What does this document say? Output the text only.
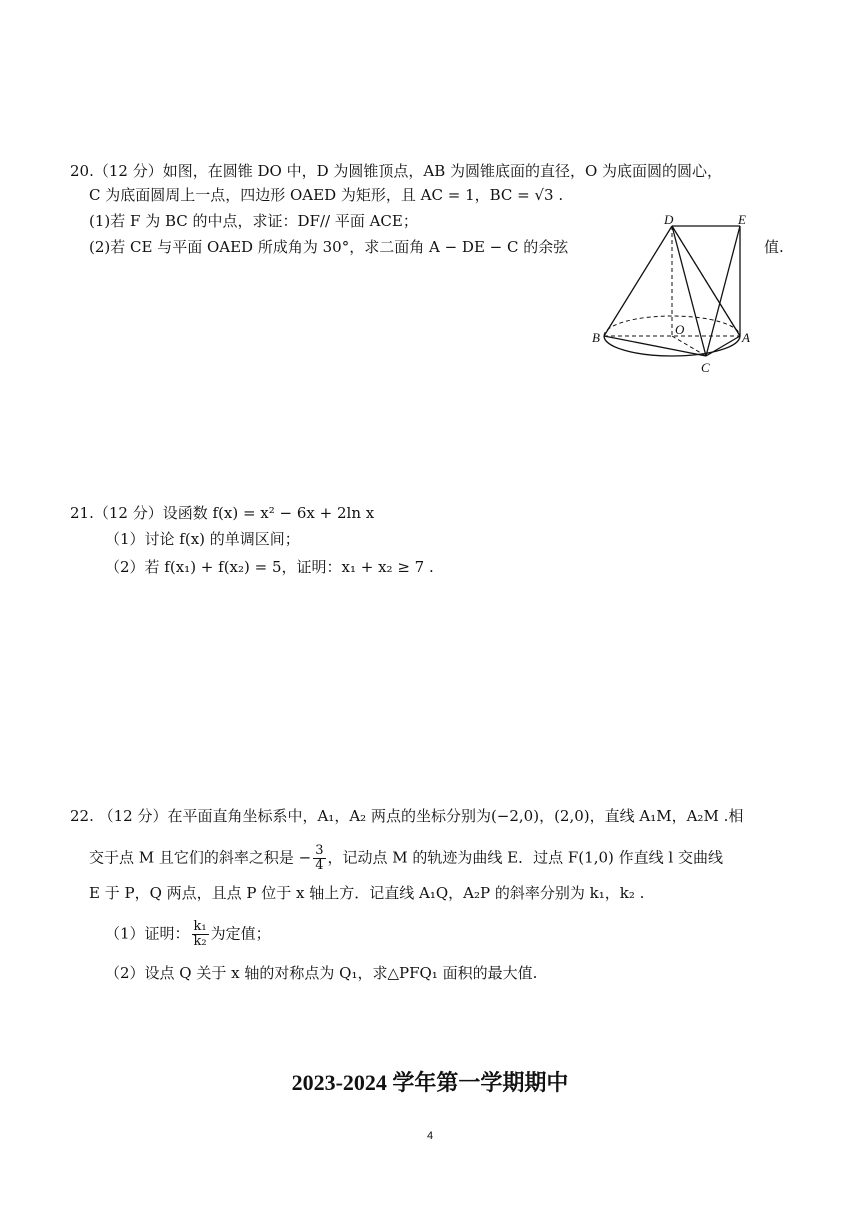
20.（12 分）如图，在圆锥 DO 中，D 为圆锥顶点，AB 为圆锥底面的直径，O 为底面圆的圆心，
C 为底面圆周上一点，四边形 OAED 为矩形，且 AC = 1，BC = √3 .
(1)若 F 为 BC 的中点，求证：DF// 平面 ACE；
(2)若 CE 与平面 OAED 所成角为 30°，求二面角 A − DE − C 的余弦	值.
D	E
O
B	A
C
21.（12 分）设函数 f(x) = x² − 6x + 2ln x
（1）讨论 f(x) 的单调区间；
（2）若 f(x₁) + f(x₂) = 5，证明：x₁ + x₂ ≥ 7 .
22. （12 分）在平面直角坐标系中，A₁，A₂ 两点的坐标分别为(−2,0)，(2,0)，直线 A₁M，A₂M .相
交于点 M 且它们的斜率之积是 − $\frac{3}{4}$ ，记动点 M 的轨迹为曲线 E．过点 F(1,0) 作直线 l 交曲线
E 于 P，Q 两点，且点 P 位于 x 轴上方．记直线 A₁Q，A₂P 的斜率分别为 k₁，k₂ .
（1）证明： $\frac{\text{k₁}}{\text{k₂}}$ 为定值；
（2）设点 Q 关于 x 轴的对称点为 Q₁，求△PFQ₁ 面积的最大值.
2023-2024 学年第一学期期中
4
